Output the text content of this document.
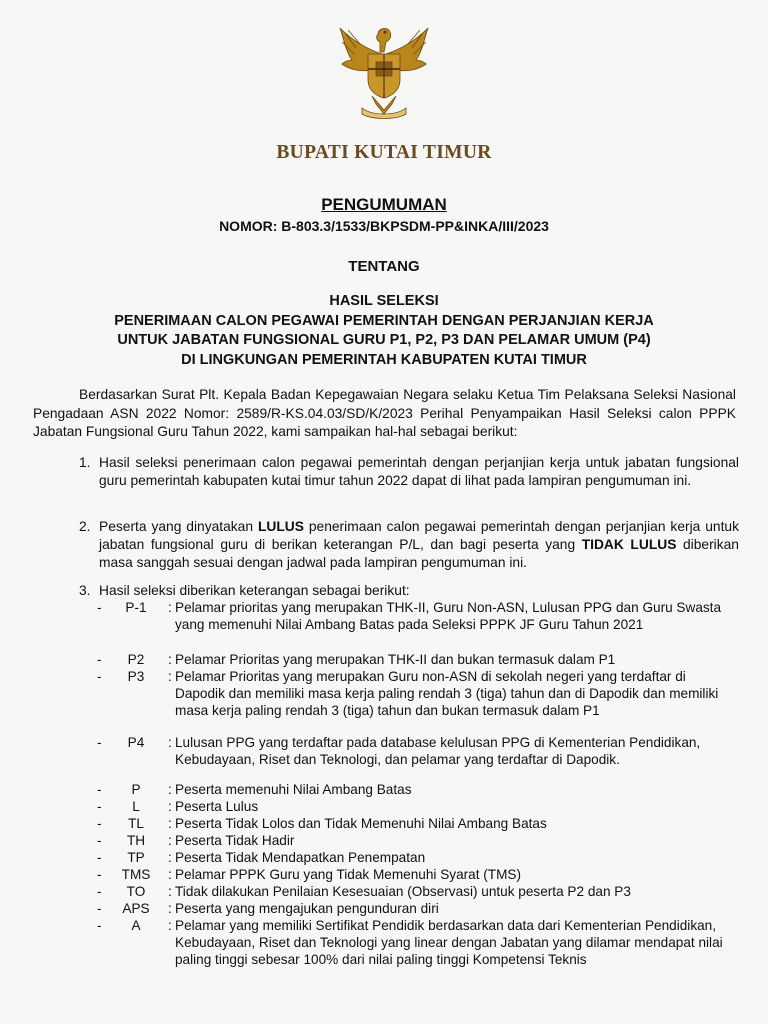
BUPATI KUTAI TIMUR
PENGUMUMAN
NOMOR: B-803.3/1533/BKPSDM-PP&INKA/III/2023
TENTANG
HASIL SELEKSI
PENERIMAAN CALON PEGAWAI PEMERINTAH DENGAN PERJANJIAN KERJA
UNTUK JABATAN FUNGSIONAL GURU P1, P2, P3 DAN PELAMAR UMUM (P4)
DI LINGKUNGAN PEMERINTAH KABUPATEN KUTAI TIMUR
Berdasarkan Surat Plt. Kepala Badan Kepegawaian Negara selaku Ketua Tim Pelaksana Seleksi Nasional Pengadaan ASN 2022 Nomor: 2589/R-KS.04.03/SD/K/2023 Perihal Penyampaikan Hasil Seleksi calon PPPK Jabatan Fungsional Guru Tahun 2022, kami sampaikan hal-hal sebagai berikut:
1. Hasil seleksi penerimaan calon pegawai pemerintah dengan perjanjian kerja untuk jabatan fungsional guru pemerintah kabupaten kutai timur tahun 2022 dapat di lihat pada lampiran pengumuman ini.
2. Peserta yang dinyatakan LULUS penerimaan calon pegawai pemerintah dengan perjanjian kerja untuk jabatan fungsional guru di berikan keterangan P/L, dan bagi peserta yang TIDAK LULUS diberikan masa sanggah sesuai dengan jadwal pada lampiran pengumuman ini.
3. Hasil seleksi diberikan keterangan sebagai berikut:
-	P-1	: Pelamar prioritas yang merupakan THK-II, Guru Non-ASN, Lulusan PPG dan Guru Swasta yang memenuhi Nilai Ambang Batas pada Seleksi PPPK JF Guru Tahun 2021
-	P2	: Pelamar Prioritas yang merupakan THK-II dan bukan termasuk dalam P1
-	P3	: Pelamar Prioritas yang merupakan Guru non-ASN di sekolah negeri yang terdaftar di Dapodik dan memiliki masa kerja paling rendah 3 (tiga) tahun dan di Dapodik dan memiliki masa kerja paling rendah 3 (tiga) tahun dan bukan termasuk dalam P1
-	P4	: Lulusan PPG yang terdaftar pada database kelulusan PPG di Kementerian Pendidikan, Kebudayaan, Riset dan Teknologi, dan pelamar yang terdaftar di Dapodik.
-	P	: Peserta memenuhi Nilai Ambang Batas
-	L	: Peserta Lulus
-	TL	: Peserta Tidak Lolos dan Tidak Memenuhi Nilai Ambang Batas
-	TH	: Peserta Tidak Hadir
-	TP	: Peserta Tidak Mendapatkan Penempatan
-	TMS	: Pelamar PPPK Guru yang Tidak Memenuhi Syarat (TMS)
-	TO	: Tidak dilakukan Penilaian Kesesuaian (Observasi) untuk peserta P2 dan P3
-	APS	: Peserta yang mengajukan pengunduran diri
-	A	: Pelamar yang memiliki Sertifikat Pendidik berdasarkan data dari Kementerian Pendidikan, Kebudayaan, Riset dan Teknologi yang linear dengan Jabatan yang dilamar mendapat nilai paling tinggi sebesar 100% dari nilai paling tinggi Kompetensi Teknis
